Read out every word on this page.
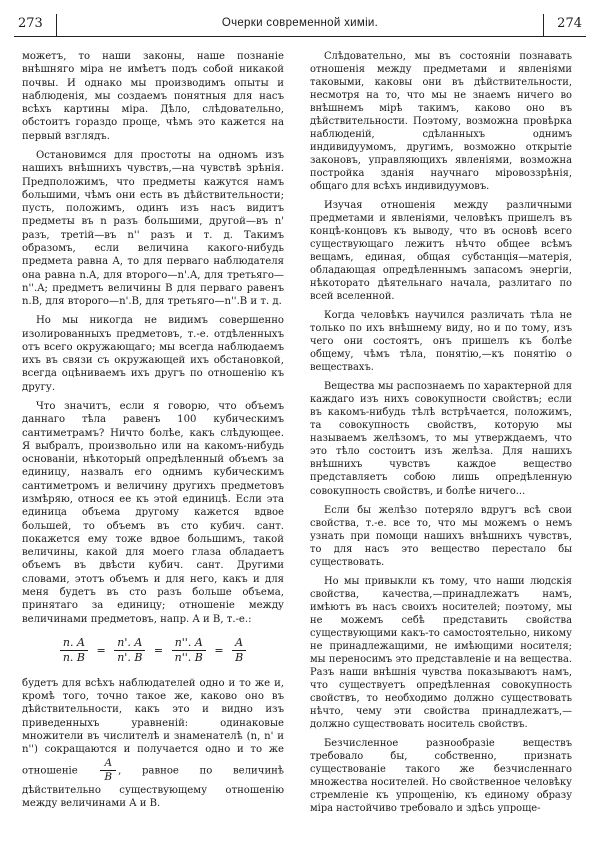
273	Очерки современной химіи.	274

можетъ, то наши законы, наше познаніе внѣшняго міра не имѣетъ подъ собой никакой почвы. И однако мы производимъ опыты и наблюденія, мы создаемъ понятныя для насъ всѣхъ картины міра. Дѣло, слѣдовательно, обстоитъ гораздо проще, чѣмъ это кажется на первый взглядъ.

Остановимся для простоты на одномъ изъ нашихъ внѣшнихъ чувствъ,—на чувствѣ зрѣнія. Предположимъ, что предметы кажутся намъ большими, чѣмъ они есть въ дѣйствительности; пусть, положимъ, одинъ изъ насъ видитъ предметы въ n разъ большими, другой—въ n' разъ, третій—въ n'' разъ и т. д. Такимъ образомъ, если величина какого-нибудь предмета равна A, то для перваго наблюдателя она равна n.A, для второго—n'.A, для третьяго—n''.A; предметъ величины B для перваго равенъ n.B, для второго—n'.B, для третьяго—n''.B и т. д.

Но мы никогда не видимъ совершенно изолированныхъ предметовъ, т.-е. отдѣленныхъ отъ всего окружающаго; мы всегда наблюдаемъ ихъ въ связи съ окружающей ихъ обстановкой, всегда оцѣниваемъ ихъ другъ по отношенію къ другу.

Что значитъ, если я говорю, что объемъ даннаго тѣла равенъ 100 кубическимъ сантиметрамъ? Ничто болѣе, какъ слѣдующее. Я выбралъ, произвольно или на какомъ-нибудь основаніи, нѣкоторый опредѣленный объемъ за единицу, назвалъ его однимъ кубическимъ сантиметромъ и величину другихъ предметовъ измѣряю, относя ее къ этой единицѣ. Если эта единица объема другому кажется вдвое большей, то объемъ въ сто кубич. сант. покажется ему тоже вдвое большимъ, такой величины, какой для моего глаза обладаетъ объемъ въ двѣсти кубич. сант. Другими словами, этотъ объемъ и для него, какъ и для меня будетъ въ сто разъ больше объема, принятаго за единицу; отношеніе между величинами предметовъ, напр. A и B, т.-е.:

$\frac{n. A}{n. B} = \frac{n'. A}{n'. B} = \frac{n''. A}{n''. B} = \frac{A}{B}$

будетъ для всѣхъ наблюдателей одно и то же и, кромѣ того, точно такое же, каково оно въ дѣйствительности, какъ это и видно изъ приведенныхъ уравненій: одинаковые множители въ числителѣ и знаменателѣ (n, n' и n'') сокращаются и получается одно и то же отношеніе $\frac{A}{B}$ , равное по величинѣ дѣйствительно существующему отношенію между величинами A и B.

Слѣдовательно, мы въ состояніи познавать отношенія между предметами и явленіями таковыми, каковы они въ дѣйствительности, несмотря на то, что мы не знаемъ ничего во внѣшнемъ мірѣ такимъ, каково оно въ дѣйствительности. Поэтому, возможна провѣрка наблюденій, сдѣланныхъ однимъ индивидуумомъ, другимъ, возможно открытіе законовъ, управляющихъ явленіями, возможна постройка зданія научнаго міровоззрѣнія, общаго для всѣхъ индивидуумовъ.

Изучая отношенія между различными предметами и явленіями, человѣкъ пришелъ въ концѣ-концовъ къ выводу, что въ основѣ всего существующаго лежитъ нѣчто общее всѣмъ вещамъ, единая, общая субстанція—матерія, обладающая опредѣленнымъ запасомъ энергіи, нѣкоторато дѣятельнаго начала, разлитаго по всей вселенной.

Когда человѣкъ научился различать тѣла не только по ихъ внѣшнему виду, но и по тому, изъ чего они состоятъ, онъ пришелъ къ болѣе общему, чѣмъ тѣла, понятію,—къ понятію о веществахъ.

Вещества мы распознаемъ по характерной для каждаго изъ нихъ совокупности свойствъ; если въ какомъ-нибудь тѣлѣ встрѣчается, положимъ, та совокупность свойствъ, которую мы называемъ желѣзомъ, то мы утверждаемъ, что это тѣло состоитъ изъ желѣза. Для нашихъ внѣшнихъ чувствъ каждое вещество представляетъ собою лишь опредѣленную совокупность свойствъ, и болѣе ничего...

Если бы желѣзо потеряло вдругъ всѣ свои свойства, т.-е. все то, что мы можемъ о немъ узнать при помощи нашихъ внѣшнихъ чувствъ, то для насъ это вещество перестало бы существовать.

Но мы привыкли къ тому, что наши людскія свойства, качества,—принадлежатъ намъ, имѣютъ въ насъ своихъ носителей; поэтому, мы не можемъ себѣ представить свойства существующими какъ-то самостоятельно, никому не принадлежащими, не имѣющими носителя; мы переносимъ это представленіе и на вещества. Разъ наши внѣшнія чувства показываютъ намъ, что существуетъ опредѣленная совокупность свойствъ, то необходимо должно существовать нѣчто, чему эти свойства принадлежатъ,—должно существовать носитель свойствъ.

Безчисленное разнообразіе веществъ требовало бы, собственно, признать существованіе такого же безчисленнаго множества носителей. Но свойственное человѣку стремленіе къ упрощенію, къ единому образу міра настойчиво требовало и здѣсь упроще-
